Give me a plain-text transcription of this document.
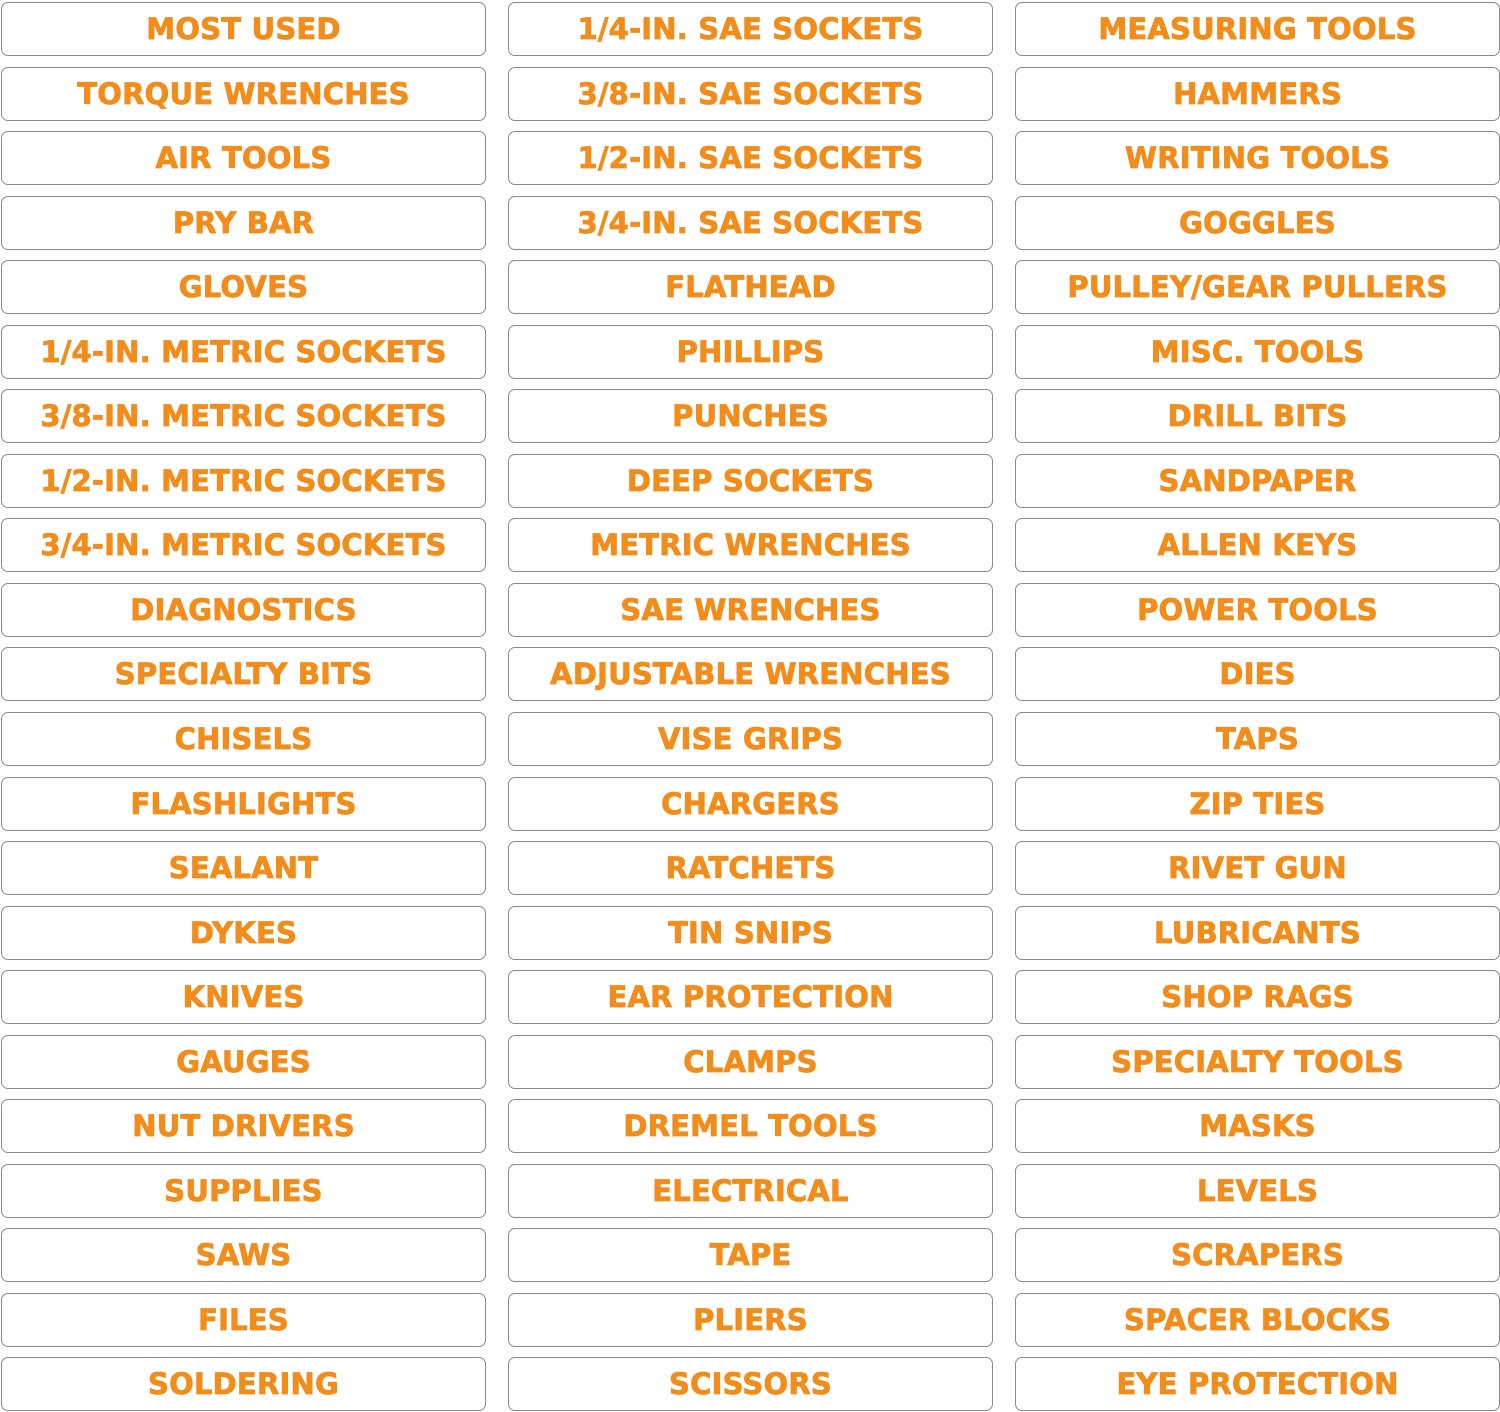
MOST USED	1/4-IN. SAE SOCKETS	MEASURING TOOLS
TORQUE WRENCHES	3/8-IN. SAE SOCKETS	HAMMERS
AIR TOOLS	1/2-IN. SAE SOCKETS	WRITING TOOLS
PRY BAR	3/4-IN. SAE SOCKETS	GOGGLES
GLOVES	FLATHEAD	PULLEY/GEAR PULLERS
1/4-IN. METRIC SOCKETS	PHILLIPS	MISC. TOOLS
3/8-IN. METRIC SOCKETS	PUNCHES	DRILL BITS
1/2-IN. METRIC SOCKETS	DEEP SOCKETS	SANDPAPER
3/4-IN. METRIC SOCKETS	METRIC WRENCHES	ALLEN KEYS
DIAGNOSTICS	SAE WRENCHES	POWER TOOLS
SPECIALTY BITS	ADJUSTABLE WRENCHES	DIES
CHISELS	VISE GRIPS	TAPS
FLASHLIGHTS	CHARGERS	ZIP TIES
SEALANT	RATCHETS	RIVET GUN
DYKES	TIN SNIPS	LUBRICANTS
KNIVES	EAR PROTECTION	SHOP RAGS
GAUGES	CLAMPS	SPECIALTY TOOLS
NUT DRIVERS	DREMEL TOOLS	MASKS
SUPPLIES	ELECTRICAL	LEVELS
SAWS	TAPE	SCRAPERS
FILES	PLIERS	SPACER BLOCKS
SOLDERING	SCISSORS	EYE PROTECTION
